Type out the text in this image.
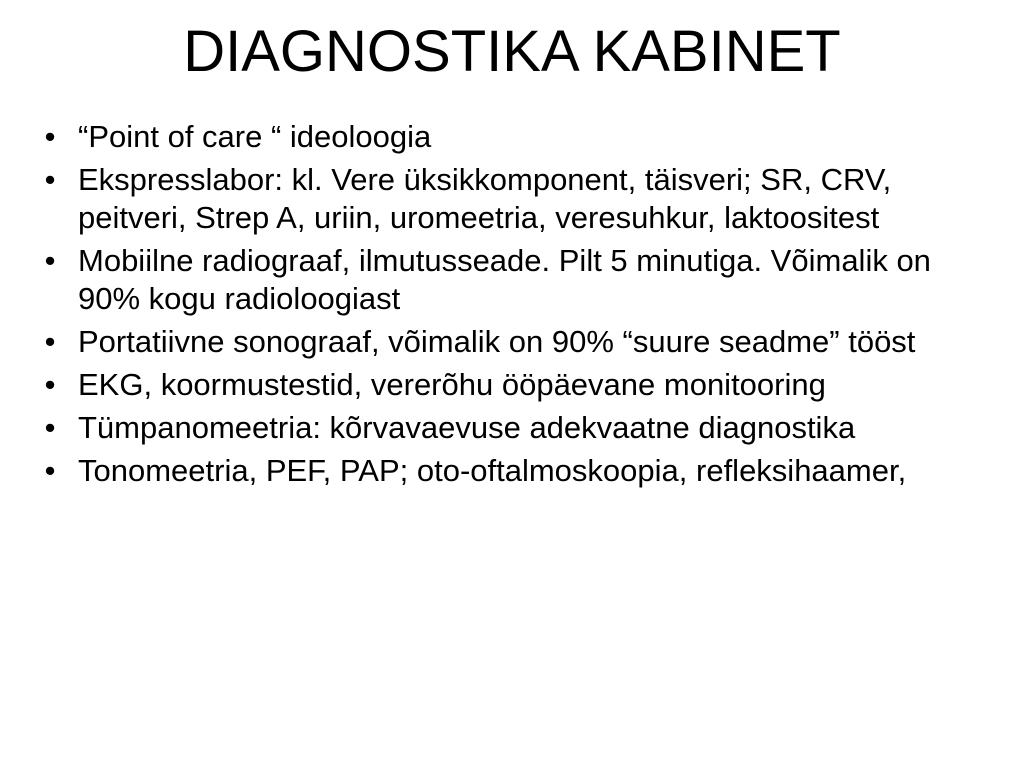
DIAGNOSTIKA KABINET
• “Point of care “ ideoloogia
• Ekspresslabor: kl. Vere üksikkomponent, täisveri; SR, CRV, peitveri, Strep A, uriin, uromeetria, veresuhkur, laktoositest
• Mobiilne radiograaf, ilmutusseade. Pilt 5 minutiga. Võimalik on 90% kogu radioloogiast
• Portatiivne sonograaf, võimalik on 90% “suure seadme” tööst
• EKG, koormustestid, vererõhu ööpäevane monitooring
• Tümpanomeetria: kõrvavaevuse adekvaatne diagnostika
• Tonomeetria, PEF, PAP; oto-oftalmoskoopia, refleksihaamer,
